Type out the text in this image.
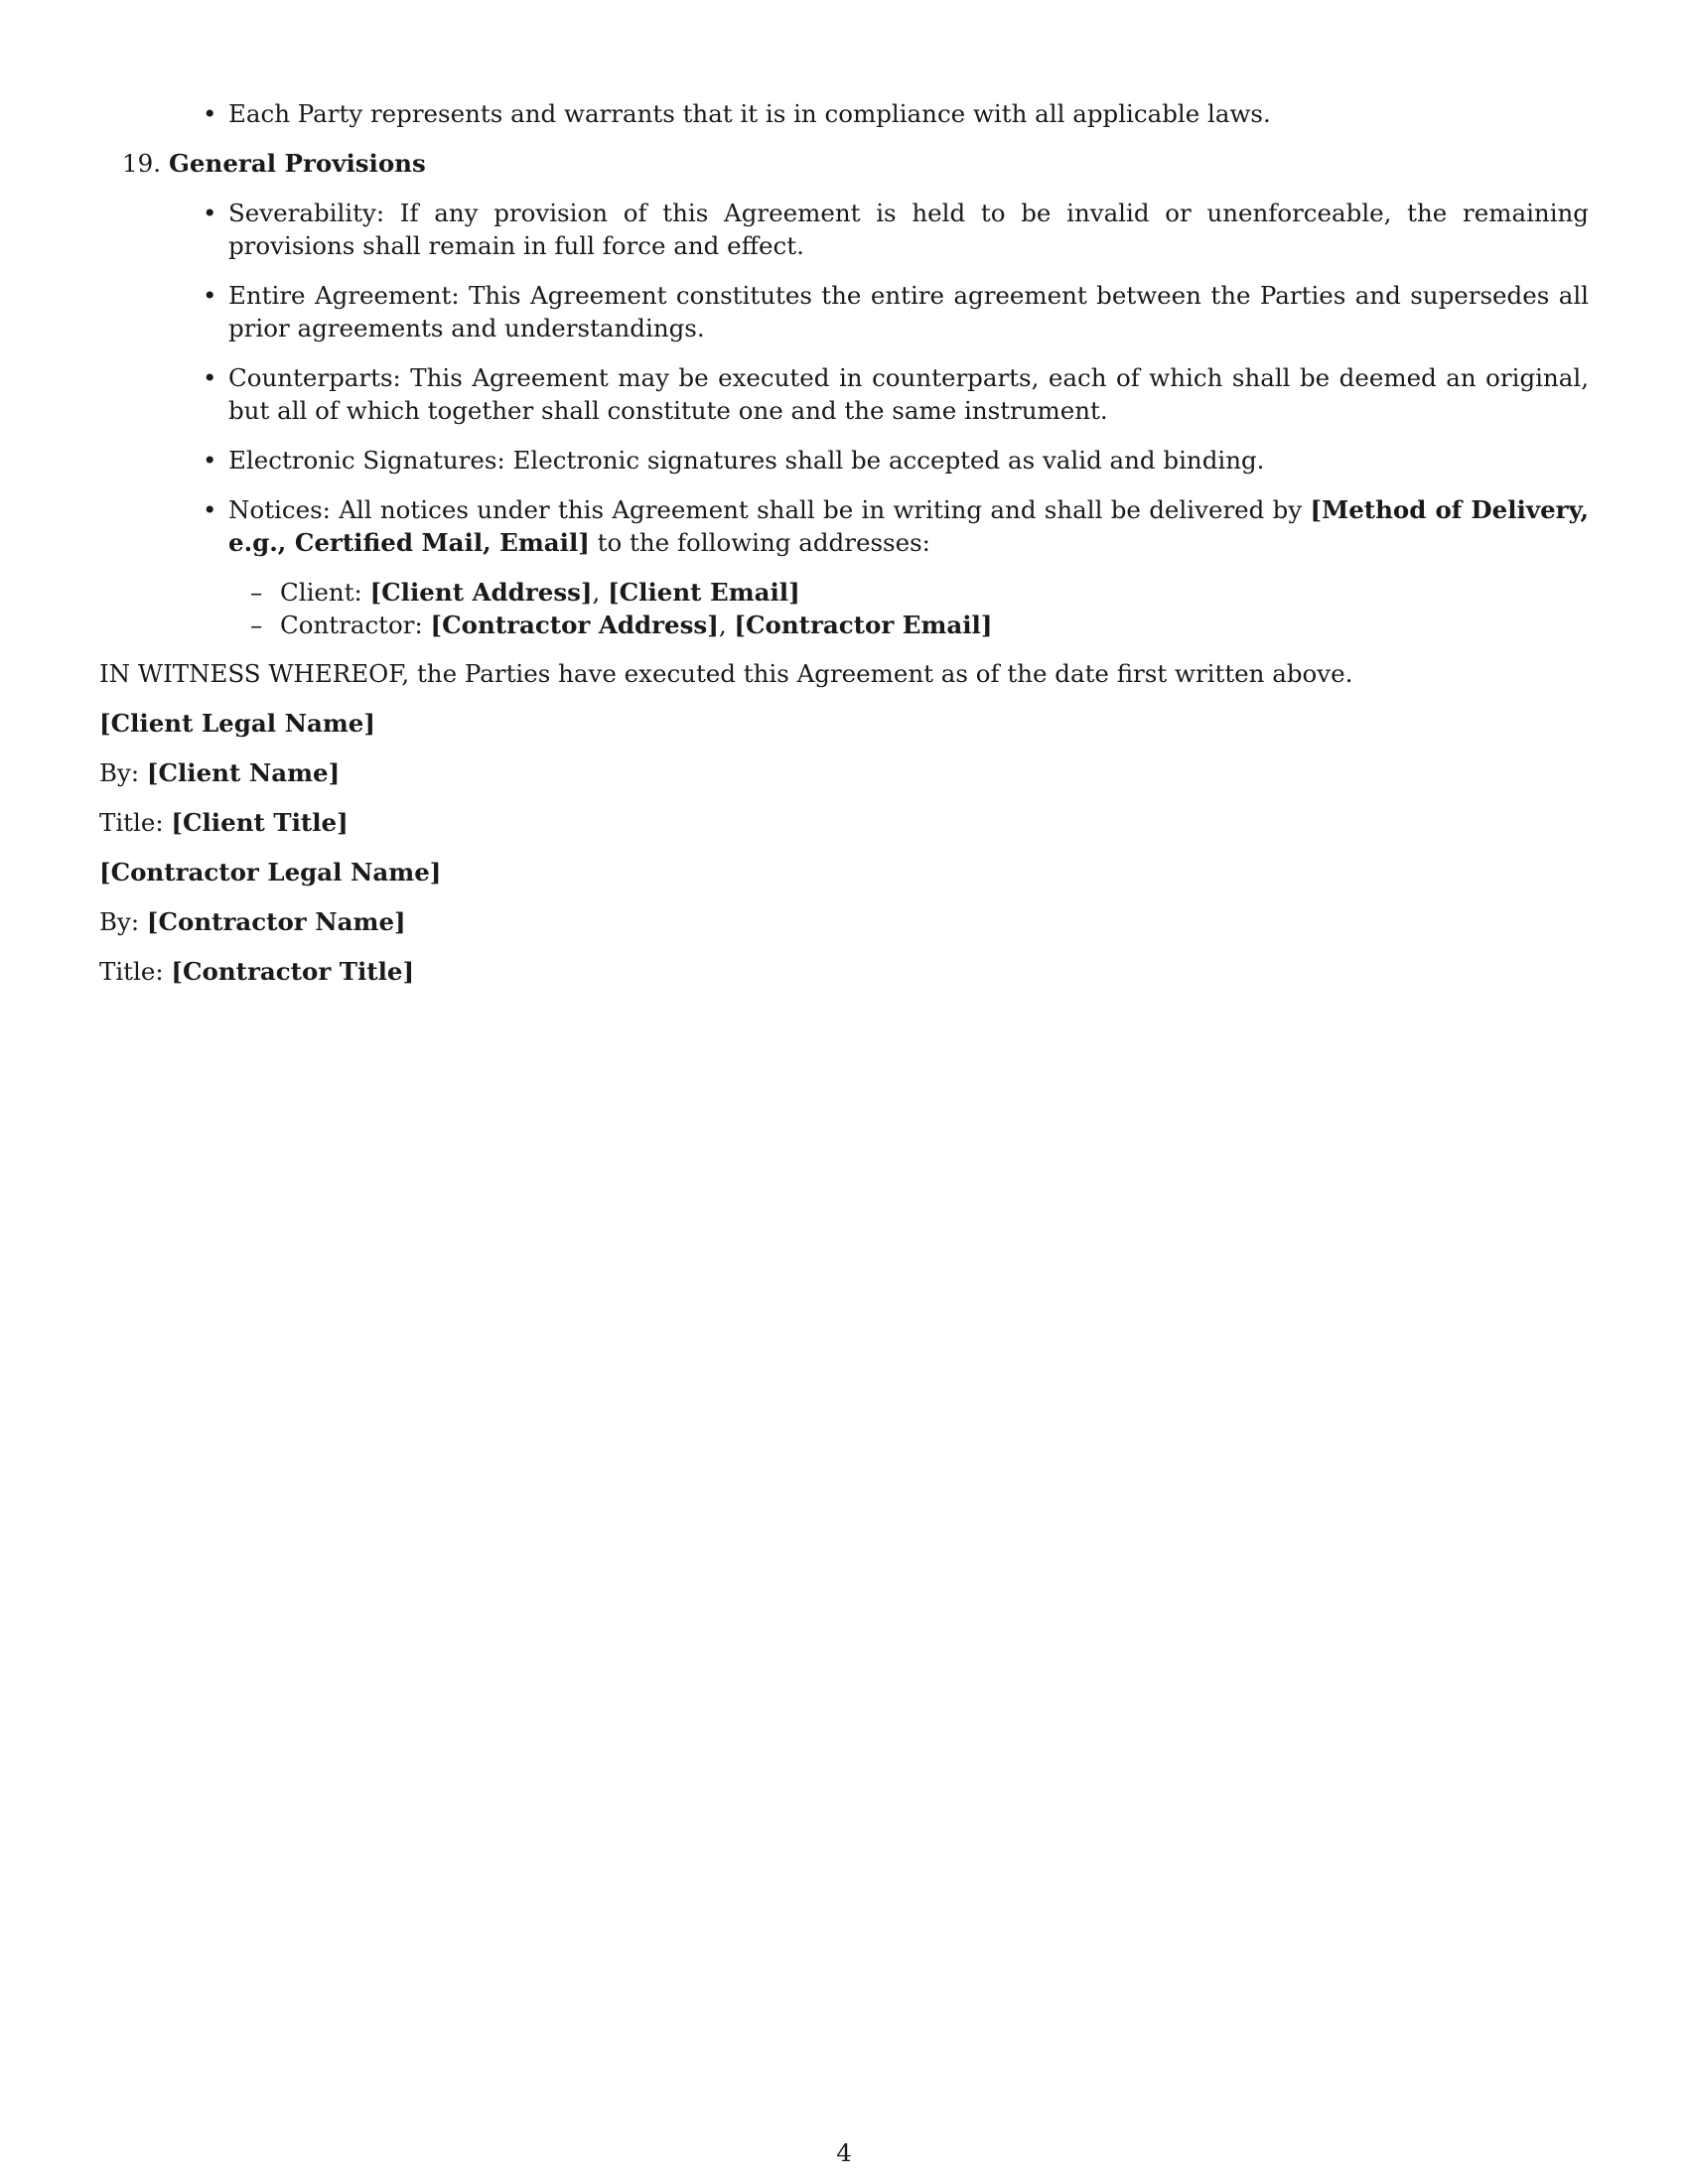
• Each Party represents and warrants that it is in compliance with all applicable laws.
19. General Provisions
• Severability: If any provision of this Agreement is held to be invalid or unenforceable, the remaining provisions shall remain in full force and effect.
• Entire Agreement: This Agreement constitutes the entire agreement between the Parties and supersedes all prior agreements and understandings.
• Counterparts: This Agreement may be executed in counterparts, each of which shall be deemed an original, but all of which together shall constitute one and the same instrument.
• Electronic Signatures: Electronic signatures shall be accepted as valid and binding.
• Notices: All notices under this Agreement shall be in writing and shall be delivered by [Method of Delivery, e.g., Certified Mail, Email] to the following addresses:
– Client: [Client Address], [Client Email]
– Contractor: [Contractor Address], [Contractor Email]
IN WITNESS WHEREOF, the Parties have executed this Agreement as of the date first written above.
[Client Legal Name]
By: [Client Name]
Title: [Client Title]
[Contractor Legal Name]
By: [Contractor Name]
Title: [Contractor Title]
4
